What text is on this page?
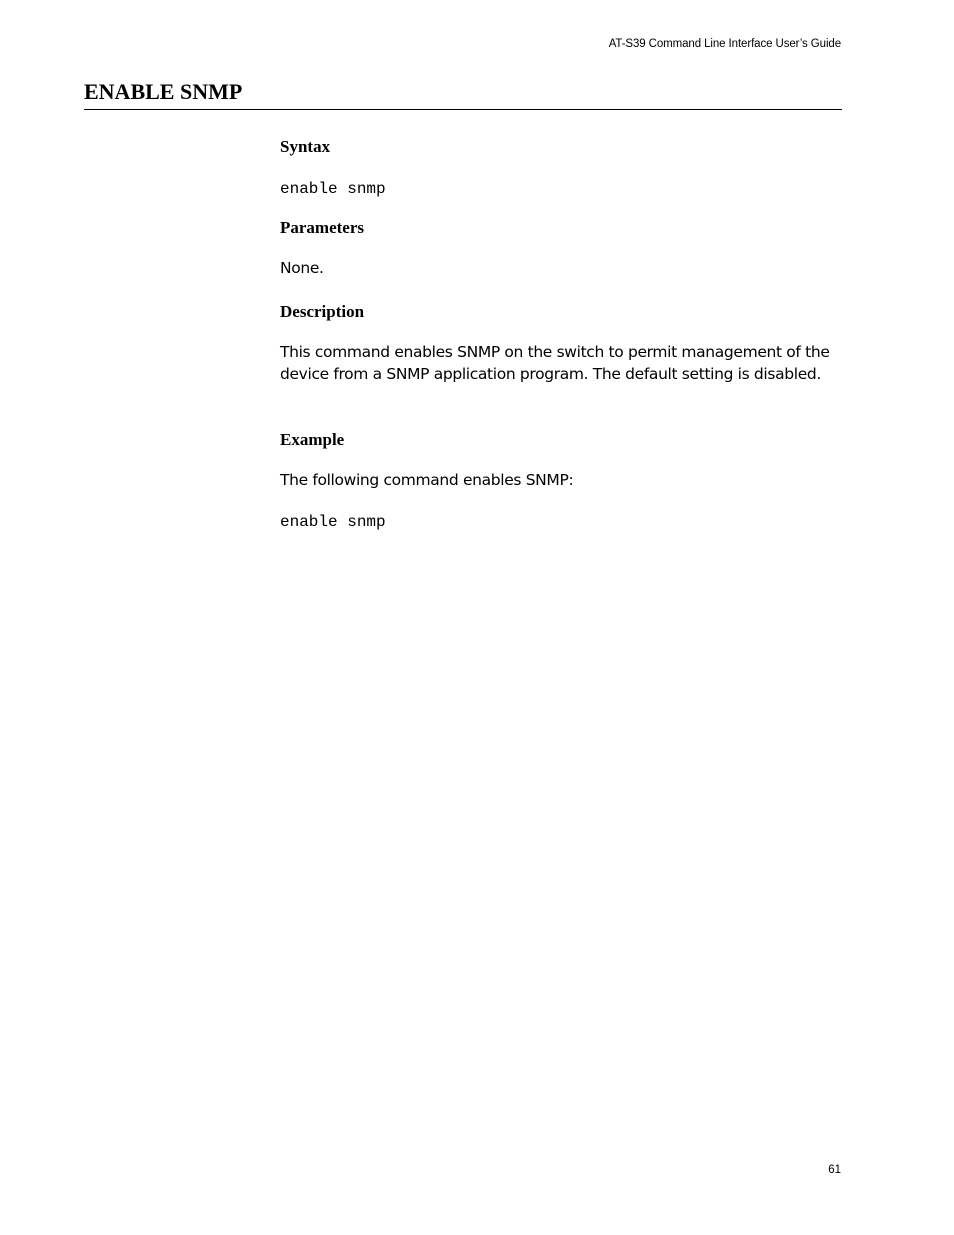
AT-S39 Command Line Interface User’s Guide
ENABLE SNMP
Syntax
enable snmp
Parameters

None.

Description

This command enables SNMP on the switch to permit management of the device from a SNMP application program. The default setting is disabled.

Example

The following command enables SNMP:

enable snmp
61
